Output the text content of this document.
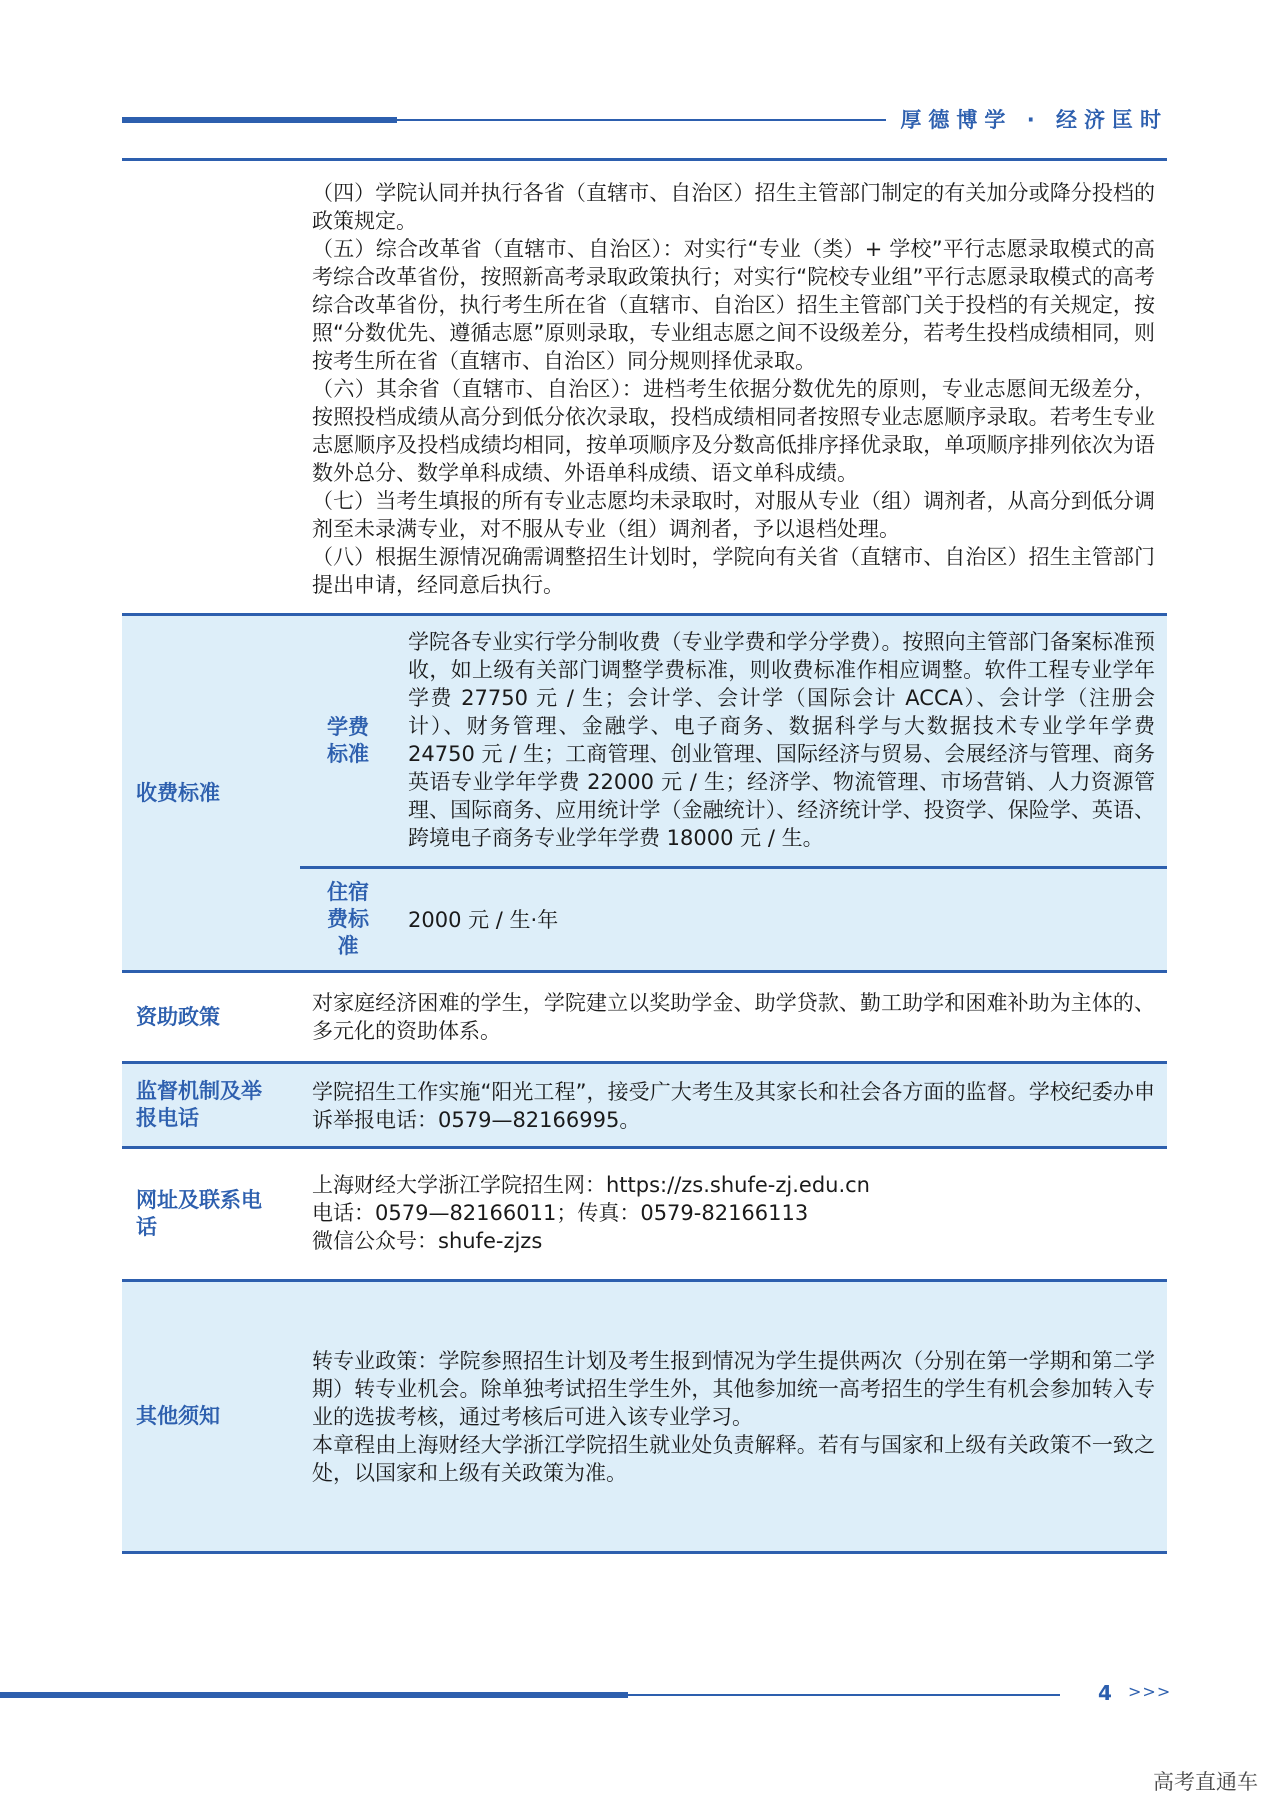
厚德博学 · 经济匡时

（四）学院认同并执行各省（直辖市、自治区）招生主管部门制定的有关加分或降分投档的政策规定。

（五）综合改革省（直辖市、自治区）：对实行“专业（类）+ 学校”平行志愿录取模式的高考综合改革省份，按照新高考录取政策执行；对实行“院校专业组”平行志愿录取模式的高考综合改革省份，执行考生所在省（直辖市、自治区）招生主管部门关于投档的有关规定，按照“分数优先、遵循志愿”原则录取，专业组志愿之间不设级差分，若考生投档成绩相同，则按考生所在省（直辖市、自治区）同分规则择优录取。

（六）其余省（直辖市、自治区）：进档考生依据分数优先的原则，专业志愿间无级差分，按照投档成绩从高分到低分依次录取，投档成绩相同者按照专业志愿顺序录取。若考生专业志愿顺序及投档成绩均相同，按单项顺序及分数高低排序择优录取，单项顺序排列依次为语数外总分、数学单科成绩、外语单科成绩、语文单科成绩。

（七）当考生填报的所有专业志愿均未录取时，对服从专业（组）调剂者，从高分到低分调剂至未录满专业，对不服从专业（组）调剂者，予以退档处理。

（八）根据生源情况确需调整招生计划时，学院向有关省（直辖市、自治区）招生主管部门提出申请，经同意后执行。

收费标准
学费标准
学院各专业实行学分制收费（专业学费和学分学费）。按照向主管部门备案标准预收，如上级有关部门调整学费标准，则收费标准作相应调整。软件工程专业学年学费 27750 元 / 生；会计学、会计学（国际会计 ACCA）、会计学（注册会计）、财务管理、金融学、电子商务、数据科学与大数据技术专业学年学费 24750 元 / 生；工商管理、创业管理、国际经济与贸易、会展经济与管理、商务英语专业学年学费 22000 元 / 生；经济学、物流管理、市场营销、人力资源管理、国际商务、应用统计学（金融统计）、经济统计学、投资学、保险学、英语、跨境电子商务专业学年学费 18000 元 / 生。
住宿费标准
2000 元 / 生·年
资助政策
对家庭经济困难的学生，学院建立以奖助学金、助学贷款、勤工助学和困难补助为主体的、多元化的资助体系。
监督机制及举报电话
学院招生工作实施“阳光工程”，接受广大考生及其家长和社会各方面的监督。学校纪委办申诉举报电话：0579—82166995。
网址及联系电话

上海财经大学浙江学院招生网：https://zs.shufe-zj.edu.cn

电话：0579—82166011；传真：0579-82166113

微信公众号：shufe-zjzs

其他须知

转专业政策：学院参照招生计划及考生报到情况为学生提供两次（分别在第一学期和第二学期）转专业机会。除单独考试招生学生外，其他参加统一高考招生的学生有机会参加转入专业的选拔考核，通过考核后可进入该专业学习。

本章程由上海财经大学浙江学院招生就业处负责解释。若有与国家和上级有关政策不一致之处，以国家和上级有关政策为准。

4 >>>
高考直通车
